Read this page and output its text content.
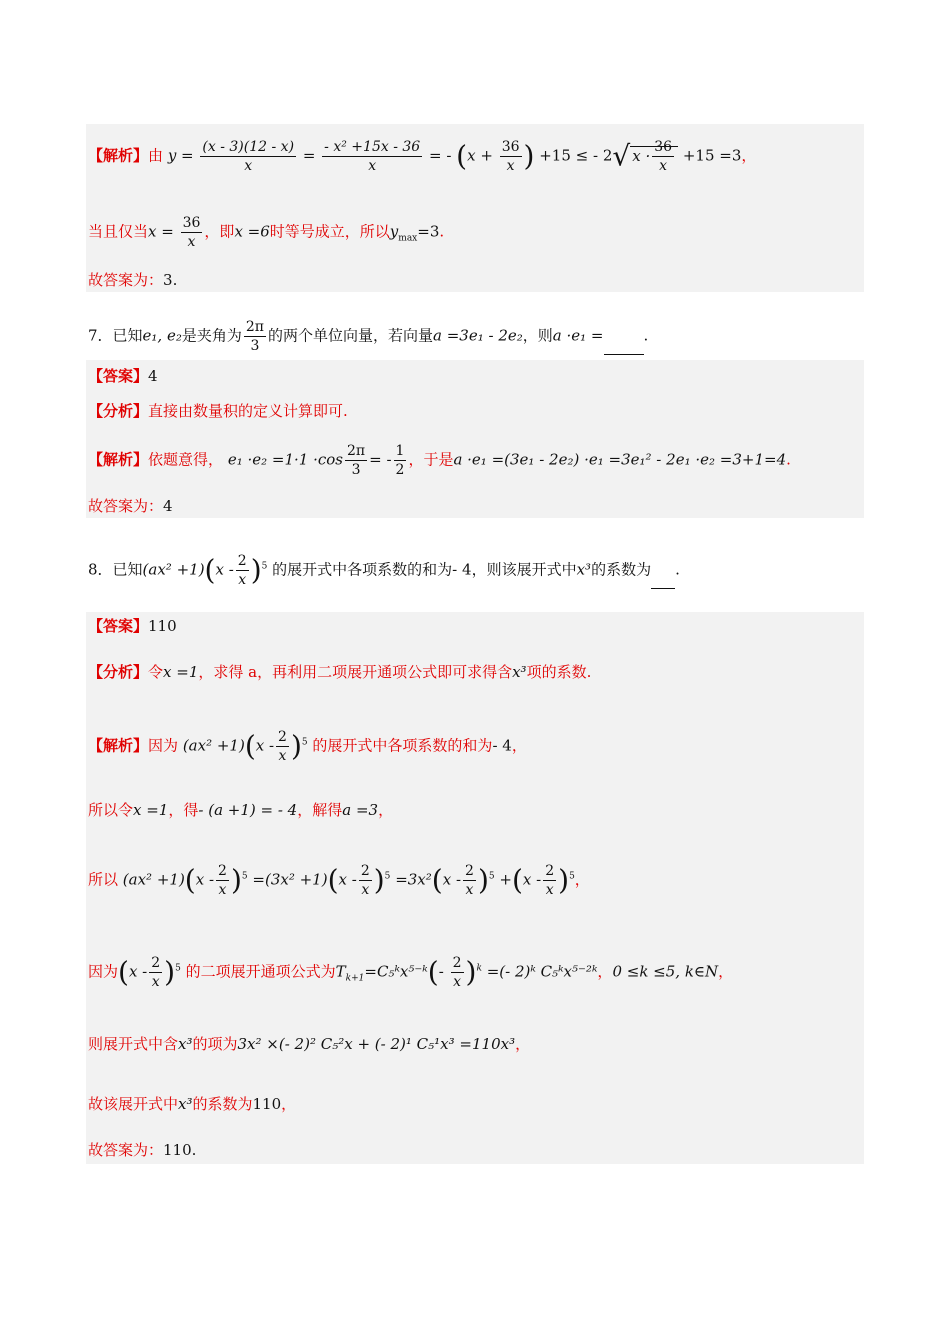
【解析】由 $y = \frac{(x - 3)(12 - x)}{x} = \frac{\text{- x² +15x - 36}}{x}$ = - ($x + \frac{36}{x}$ ) +15 ≤ - 2√ $x \cdot \frac{36}{x} +15 =3$，
当且仅当$x = \frac{36}{x}$ ，即x =6时等号成立，所以$y_{max}=3$.
故答案为：3.
7．已知e₁, e₂是夹角为 $\frac{2\pi}{3}$ 的两个单位向量，若向量a =3e₁ - 2e₂，则a ·e₁ =	.
【答案】4
【分析】直接由数量积的定义计算即可.
【解析】依题意得， $e_1 \cdot e_2 =1\cdot 1 \cdot\cos \frac{2\pi}{3}$ = - $\frac{1}{2}$ ，于是a ·e₁ =(3e₁ - 2e₂) ·e₁ =3e₁² - 2e₁ ·e₂ =3+1=4.
故答案为：4
8．已知$(ax^2 +1)(x - \frac{2}{x} )^5$ 的展开式中各项系数的和为- 4，则该展开式中x³的系数为 .
【答案】110
【分析】令x =1，求得 a，再利用二项展开通项公式即可求得含x³项的系数.
【解析】因为 $(ax^2 +1)(x - \frac{2}{x} )^5$ 的展开式中各项系数的和为- 4，
所以令x =1，得- (a +1) = - 4，解得a =3，
所以 $(ax^2 +1)(x - \frac{2}{x} )^5 =(3x^2 +1)(x - \frac{2}{x} )^5 =3x^2(x - \frac{2}{x} )^5 +(x - \frac{2}{x} )^5$，
因为$(x - \frac{2}{x} )^5$ 的二项展开通项公式为$T_{k+1}=C_5ᵏx^{5-}ᵏ(- \frac{2}{x} )^k$ =(- 2)ᵏ C₅ᵏx⁵⁻²ᵏ，0 ≤k ≤5, k∈N，
则展开式中含x³的项为3x² ×(- 2)² C₅²x + (- 2)¹ C₅¹x³ =110x³，
故该展开式中x³的系数为110，
故答案为：110.
